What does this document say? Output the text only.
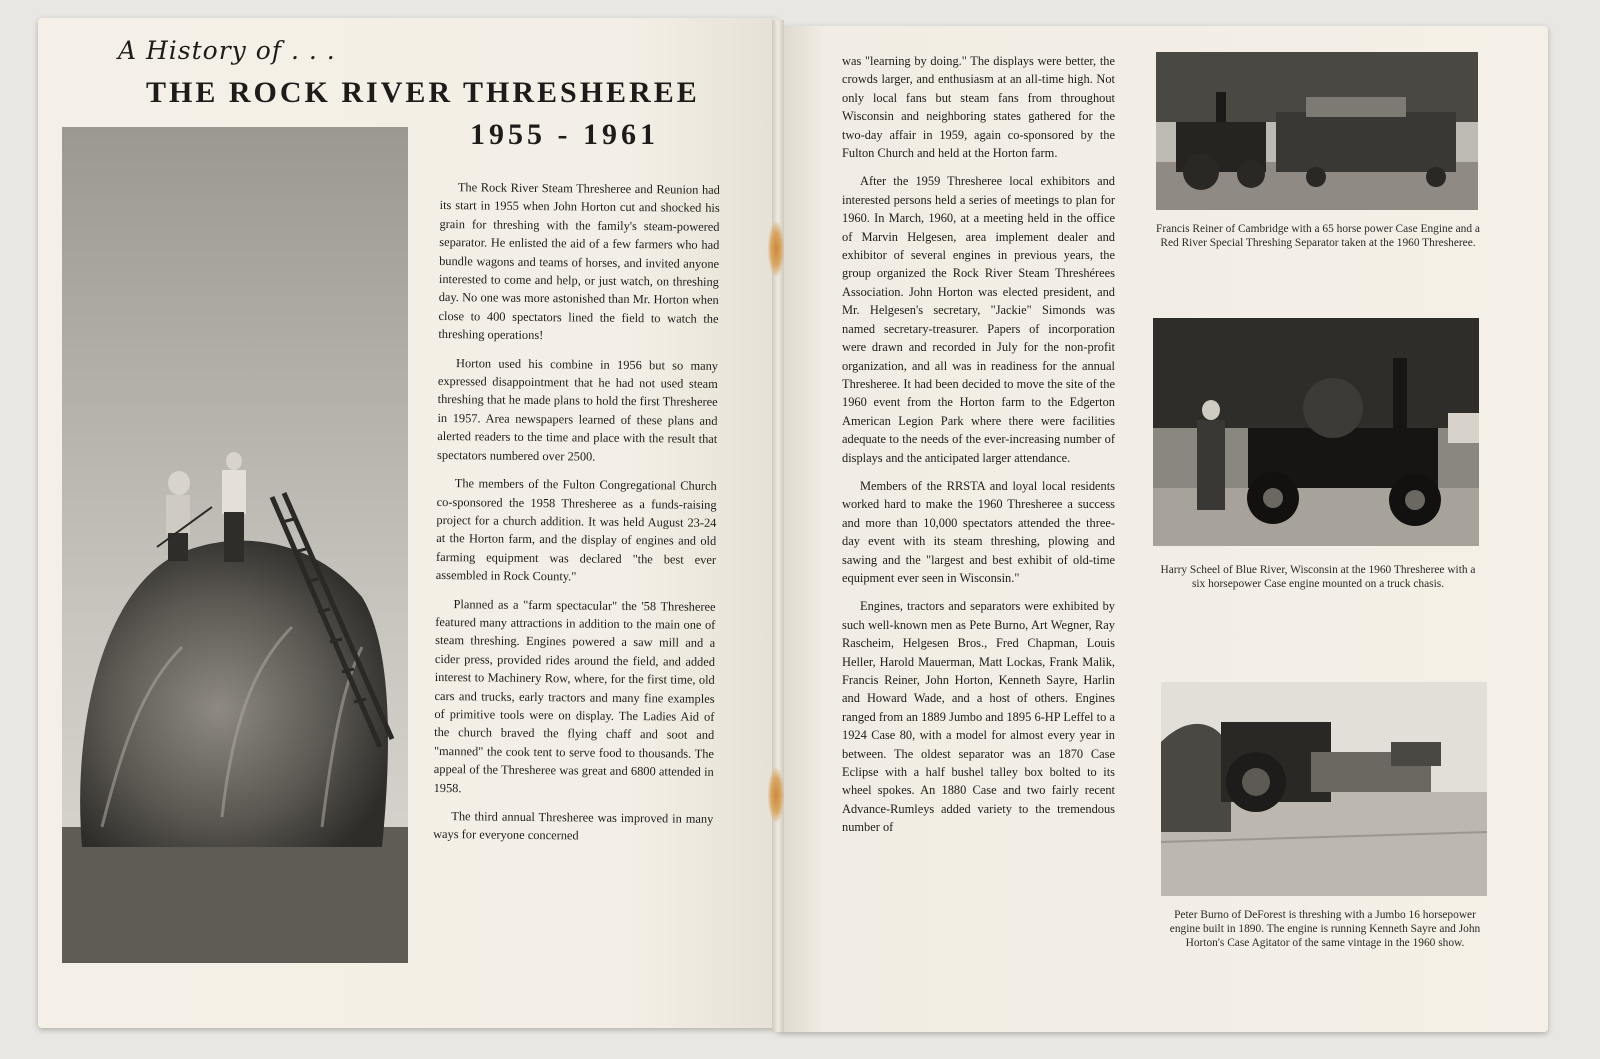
A History of . . .
THE ROCK RIVER THRESHEREE
1955 - 1961

The Rock River Steam Thresheree and Reunion had its start in 1955 when John Horton cut and shocked his grain for threshing with the family's steam-powered separator. He enlisted the aid of a few farmers who had bundle wagons and teams of horses, and invited anyone interested to come and help, or just watch, on threshing day. No one was more astonished than Mr. Horton when close to 400 spectators lined the field to watch the threshing operations!

Horton used his combine in 1956 but so many expressed disappointment that he had not used steam threshing that he made plans to hold the first Thresheree in 1957. Area newspapers learned of these plans and alerted readers to the time and place with the result that spectators numbered over 2500.

The members of the Fulton Congregational Church co-sponsored the 1958 Thresheree as a funds-raising project for a church addition. It was held August 23-24 at the Horton farm, and the display of engines and old farming equipment was declared "the best ever assembled in Rock County."

Planned as a "farm spectacular" the '58 Thresheree featured many attractions in addition to the main one of steam threshing. Engines powered a saw mill and a cider press, provided rides around the field, and added interest to Machinery Row, where, for the first time, old cars and trucks, early tractors and many fine examples of primitive tools were on display. The Ladies Aid of the church braved the flying chaff and soot and "manned" the cook tent to serve food to thousands. The appeal of the Thresheree was great and 6800 attended in 1958.

The third annual Thresheree was improved in many ways for everyone concerned

was "learning by doing." The displays were better, the crowds larger, and enthusiasm at an all-time high. Not only local fans but steam fans from throughout Wisconsin and neighboring states gathered for the two-day affair in 1959, again co-sponsored by the Fulton Church and held at the Horton farm.

After the 1959 Thresheree local exhibitors and interested persons held a series of meetings to plan for 1960. In March, 1960, at a meeting held in the office of Marvin Helgesen, area implement dealer and exhibitor of several engines in previous years, the group organized the Rock River Steam Threshérees Association. John Horton was elected president, and Mr. Helgesen's secretary, "Jackie" Simonds was named secretary-treasurer. Papers of incorporation were drawn and recorded in July for the non-profit organization, and all was in readiness for the annual Thresheree. It had been decided to move the site of the 1960 event from the Horton farm to the Edgerton American Legion Park where there were facilities adequate to the needs of the ever-increasing number of displays and the anticipated larger attendance.

Members of the RRSTA and loyal local residents worked hard to make the 1960 Thresheree a success and more than 10,000 spectators attended the three-day event with its steam threshing, plowing and sawing and the "largest and best exhibit of old-time equipment ever seen in Wisconsin."

Engines, tractors and separators were exhibited by such well-known men as Pete Burno, Art Wegner, Ray Rascheim, Helgesen Bros., Fred Chapman, Louis Heller, Harold Mauerman, Matt Lockas, Frank Malik, Francis Reiner, John Horton, Kenneth Sayre, Harlin and Howard Wade, and a host of others. Engines ranged from an 1889 Jumbo and 1895 6-HP Leffel to a 1924 Case 80, with a model for almost every year in between. The oldest separator was an 1870 Case Eclipse with a half bushel talley box bolted to its wheel spokes. An 1880 Case and two fairly recent Advance-Rumleys added variety to the tremendous number of

Francis Reiner of Cambridge with a 65 horse power Case Engine and a Red River Special Threshing Separator taken at the 1960 Thresheree.
Harry Scheel of Blue River, Wisconsin at the 1960 Thresheree with a six horsepower Case engine mounted on a truck chasis.
Peter Burno of DeForest is threshing with a Jumbo 16 horsepower engine built in 1890. The engine is running Kenneth Sayre and John Horton's Case Agitator of the same vintage in the 1960 show.
